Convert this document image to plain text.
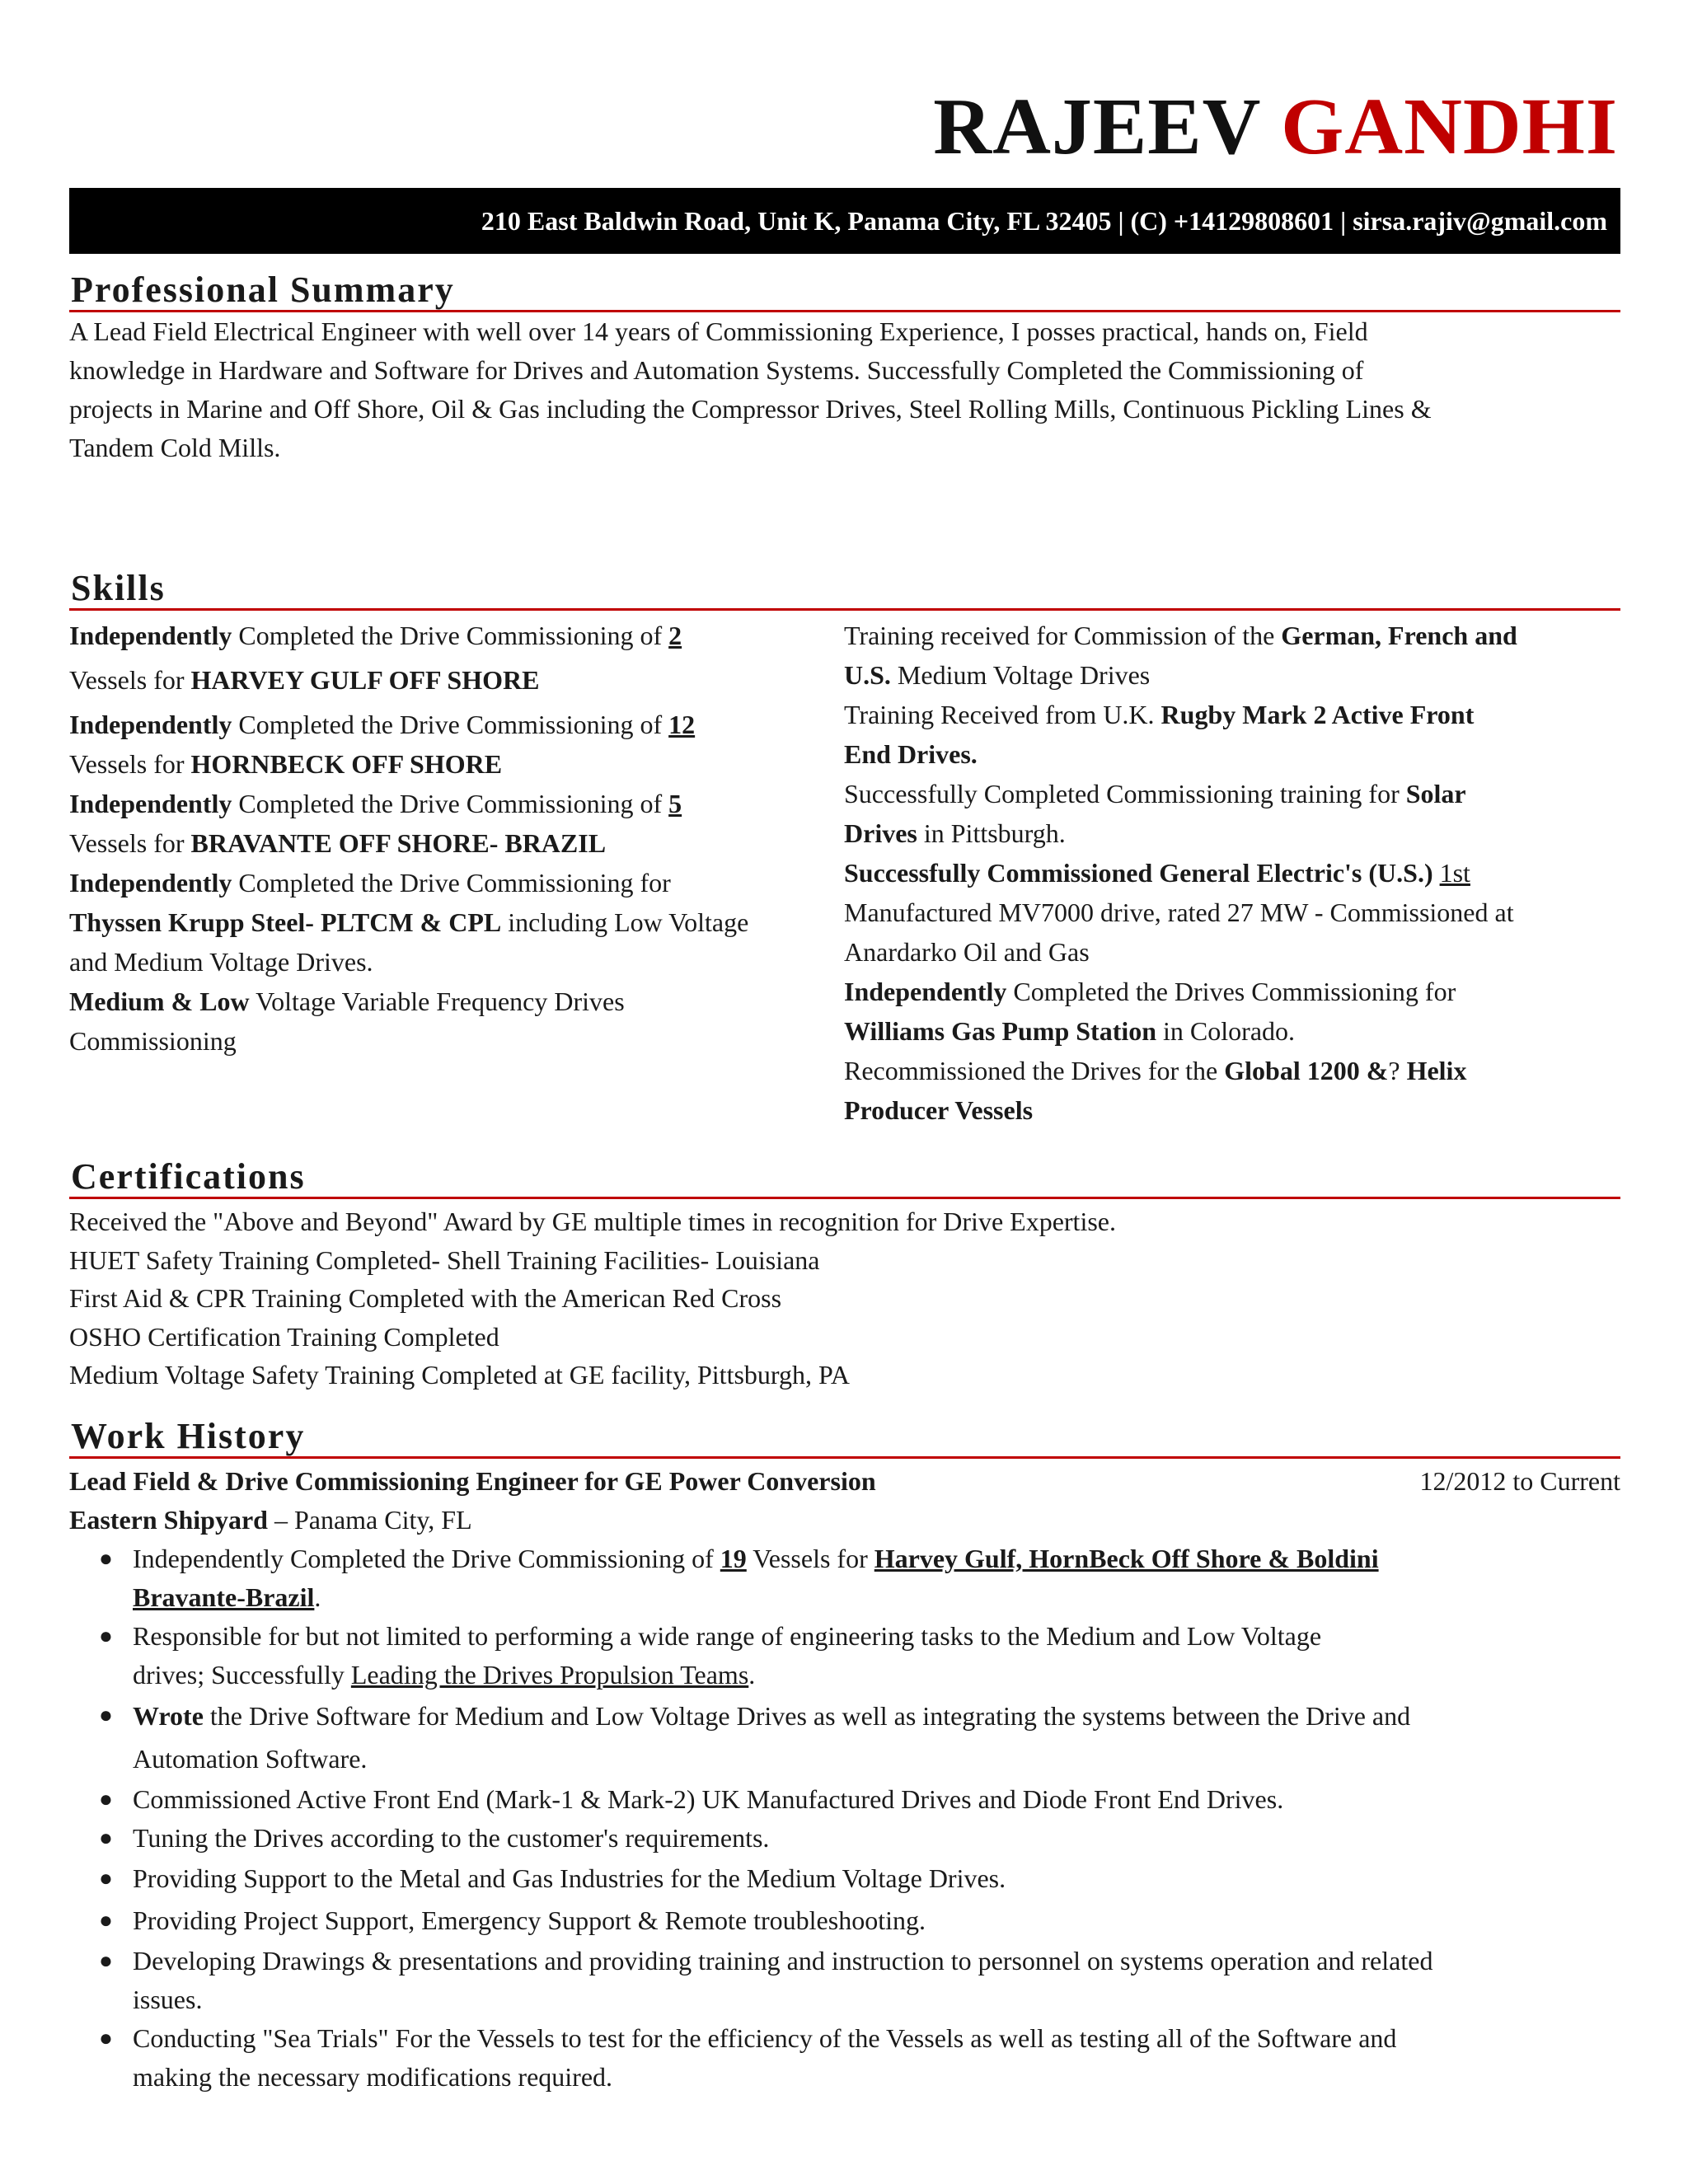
RAJEEV GANDHI
210 East Baldwin Road, Unit K, Panama City, FL 32405 | (C) +14129808601 | sirsa.rajiv@gmail.com
Professional Summary
A Lead Field Electrical Engineer with well over 14 years of Commissioning Experience, I posses practical, hands on, Field
knowledge in Hardware and Software for Drives and Automation Systems. Successfully Completed the Commissioning of
projects in Marine and Off Shore, Oil & Gas including the Compressor Drives, Steel Rolling Mills, Continuous Pickling Lines &
Tandem Cold Mills.
Skills

Independently Completed the Drive Commissioning of 2

Vessels for HARVEY GULF OFF SHORE

Independently Completed the Drive Commissioning of 12

Vessels for HORNBECK OFF SHORE

Independently Completed the Drive Commissioning of 5

Vessels for BRAVANTE OFF SHORE- BRAZIL

Independently Completed the Drive Commissioning for

Thyssen Krupp Steel- PLTCM & CPL including Low Voltage

and Medium Voltage Drives.

Medium & Low Voltage Variable Frequency Drives

Commissioning

Training received for Commission of the German, French and

U.S. Medium Voltage Drives

Training Received from U.K. Rugby Mark 2 Active Front

End Drives.

Successfully Completed Commissioning training for Solar

Drives in Pittsburgh.

Successfully Commissioned General Electric's (U.S.) 1st

Manufactured MV7000 drive, rated 27 MW - Commissioned at

Anardarko Oil and Gas

Independently Completed the Drives Commissioning for

Williams Gas Pump Station in Colorado.

Recommissioned the Drives for the Global 1200 &? Helix

Producer Vessels

Certifications
Received the "Above and Beyond" Award by GE multiple times in recognition for Drive Expertise.
HUET Safety Training Completed- Shell Training Facilities- Louisiana
First Aid & CPR Training Completed with the American Red Cross
OSHO Certification Training Completed
Medium Voltage Safety Training Completed at GE facility, Pittsburgh, PA
Work History
Lead Field & Drive Commissioning Engineer for GE Power Conversion	12/2012 to Current
Eastern Shipyard – Panama City, FL
● Independently Completed the Drive Commissioning of 19 Vessels for Harvey Gulf, HornBeck Off Shore & Boldini
Bravante-Brazil.
● Responsible for but not limited to performing a wide range of engineering tasks to the Medium and Low Voltage
drives; Successfully Leading the Drives Propulsion Teams.
● Wrote the Drive Software for Medium and Low Voltage Drives as well as integrating the systems between the Drive and
Automation Software.
● Commissioned Active Front End (Mark-1 & Mark-2) UK Manufactured Drives and Diode Front End Drives.
● Tuning the Drives according to the customer's requirements.
● Providing Support to the Metal and Gas Industries for the Medium Voltage Drives.
● Providing Project Support, Emergency Support & Remote troubleshooting.
● Developing Drawings & presentations and providing training and instruction to personnel on systems operation and related
issues.
● Conducting "Sea Trials" For the Vessels to test for the efficiency of the Vessels as well as testing all of the Software and
making the necessary modifications required.
